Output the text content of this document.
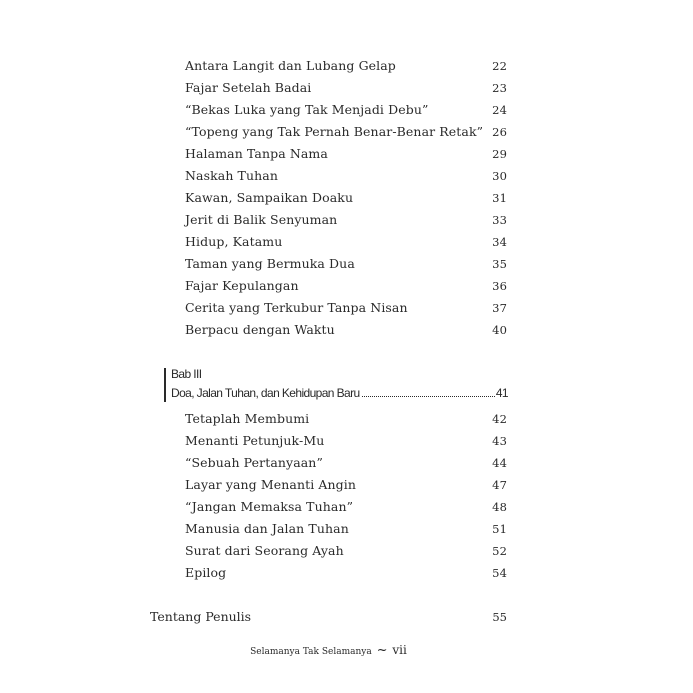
Antara Langit dan Lubang Gelap	22
Fajar Setelah Badai	23
“Bekas Luka yang Tak Menjadi Debu”	24
“Topeng yang Tak Pernah Benar-Benar Retak” 26
Halaman Tanpa Nama	29
Naskah Tuhan	30
Kawan, Sampaikan Doaku	31
Jerit di Balik Senyuman	33
Hidup, Katamu	34
Taman yang Bermuka Dua	35
Fajar Kepulangan	36
Cerita yang Terkubur Tanpa Nisan	37
Berpacu dengan Waktu	40
Bab III
Doa, Jalan Tuhan, dan Kehidupan Baru	41
Tetaplah Membumi	42
Menanti Petunjuk-Mu	43
“Sebuah Pertanyaan”	44
Layar yang Menanti Angin	47
“Jangan Memaksa Tuhan”	48
Manusia dan Jalan Tuhan	51
Surat dari Seorang Ayah	52
Epilog	54
Tentang Penulis	55
Selamanya Tak Selamanya ~ vii
